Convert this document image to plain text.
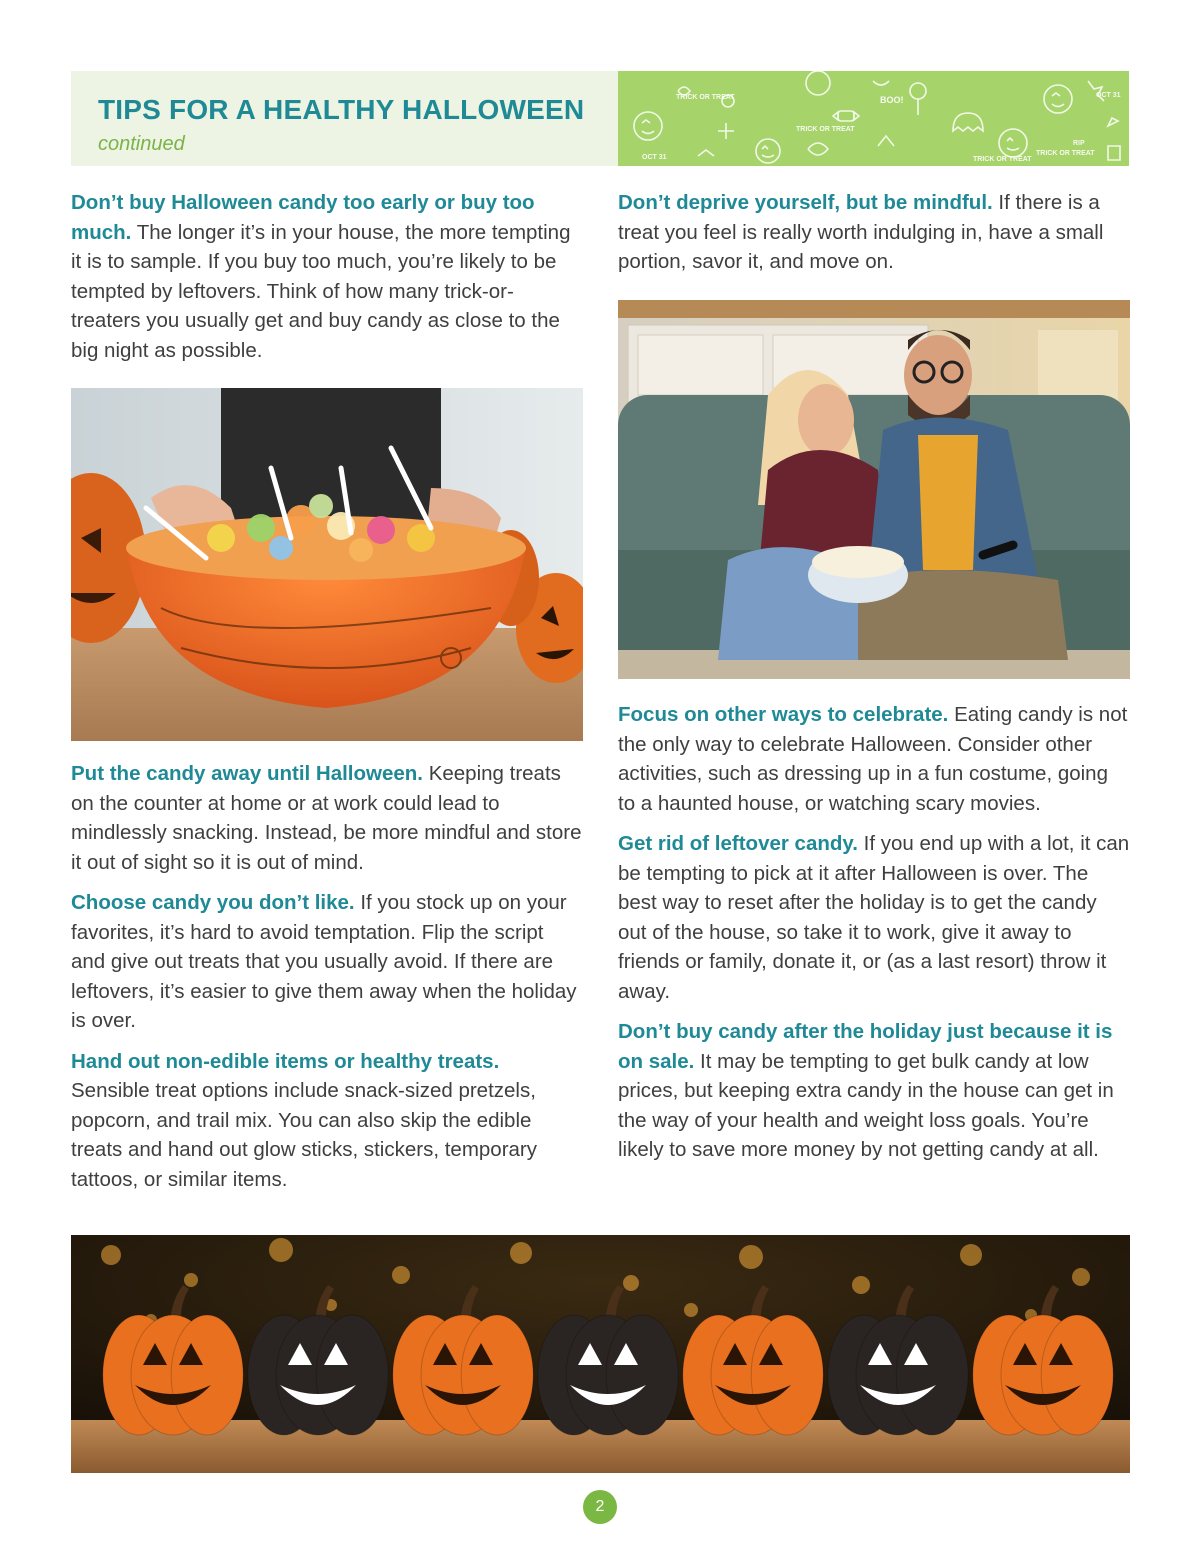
TIPS FOR A HEALTHY HALLOWEEN
continued
TRICK OR TREAT	BOO!
TRICK OR TREAT
OCT 31
RIP
TRICK OR TREAT
OCT 31
TRICK OR TREAT

Don’t buy Halloween candy too early or buy too much. The longer it’s in your house, the more tempting it is to sample. If you buy too much, you’re likely to be tempted by leftovers. Think of how many trick-or-treaters you usually get and buy candy as close to the big night as possible.

Put the candy away until Halloween. Keeping treats on the counter at home or at work could lead to mindlessly snacking. Instead, be more mindful and store it out of sight so it is out of mind.

Choose candy you don’t like. If you stock up on your favorites, it’s hard to avoid temptation. Flip the script and give out treats that you usually avoid. If there are leftovers, it’s easier to give them away when the holiday is over.

Hand out non-edible items or healthy treats. Sensible treat options include snack-sized pretzels, popcorn, and trail mix. You can also skip the edible treats and hand out glow sticks, stickers, temporary tattoos, or similar items.

Don’t deprive yourself, but be mindful. If there is a treat you feel is really worth indulging in, have a small portion, savor it, and move on.

Focus on other ways to celebrate. Eating candy is not the only way to celebrate Halloween. Consider other activities, such as dressing up in a fun costume, going to a haunted house, or watching scary movies.

Get rid of leftover candy. If you end up with a lot, it can be tempting to pick at it after Halloween is over. The best way to reset after the holiday is to get the candy out of the house, so take it to work, give it away to friends or family, donate it, or (as a last resort) throw it away.

Don’t buy candy after the holiday just because it is on sale. It may be tempting to get bulk candy at low prices, but keeping extra candy in the house can get in the way of your health and weight loss goals. You’re likely to save more money by not getting candy at all.

2
